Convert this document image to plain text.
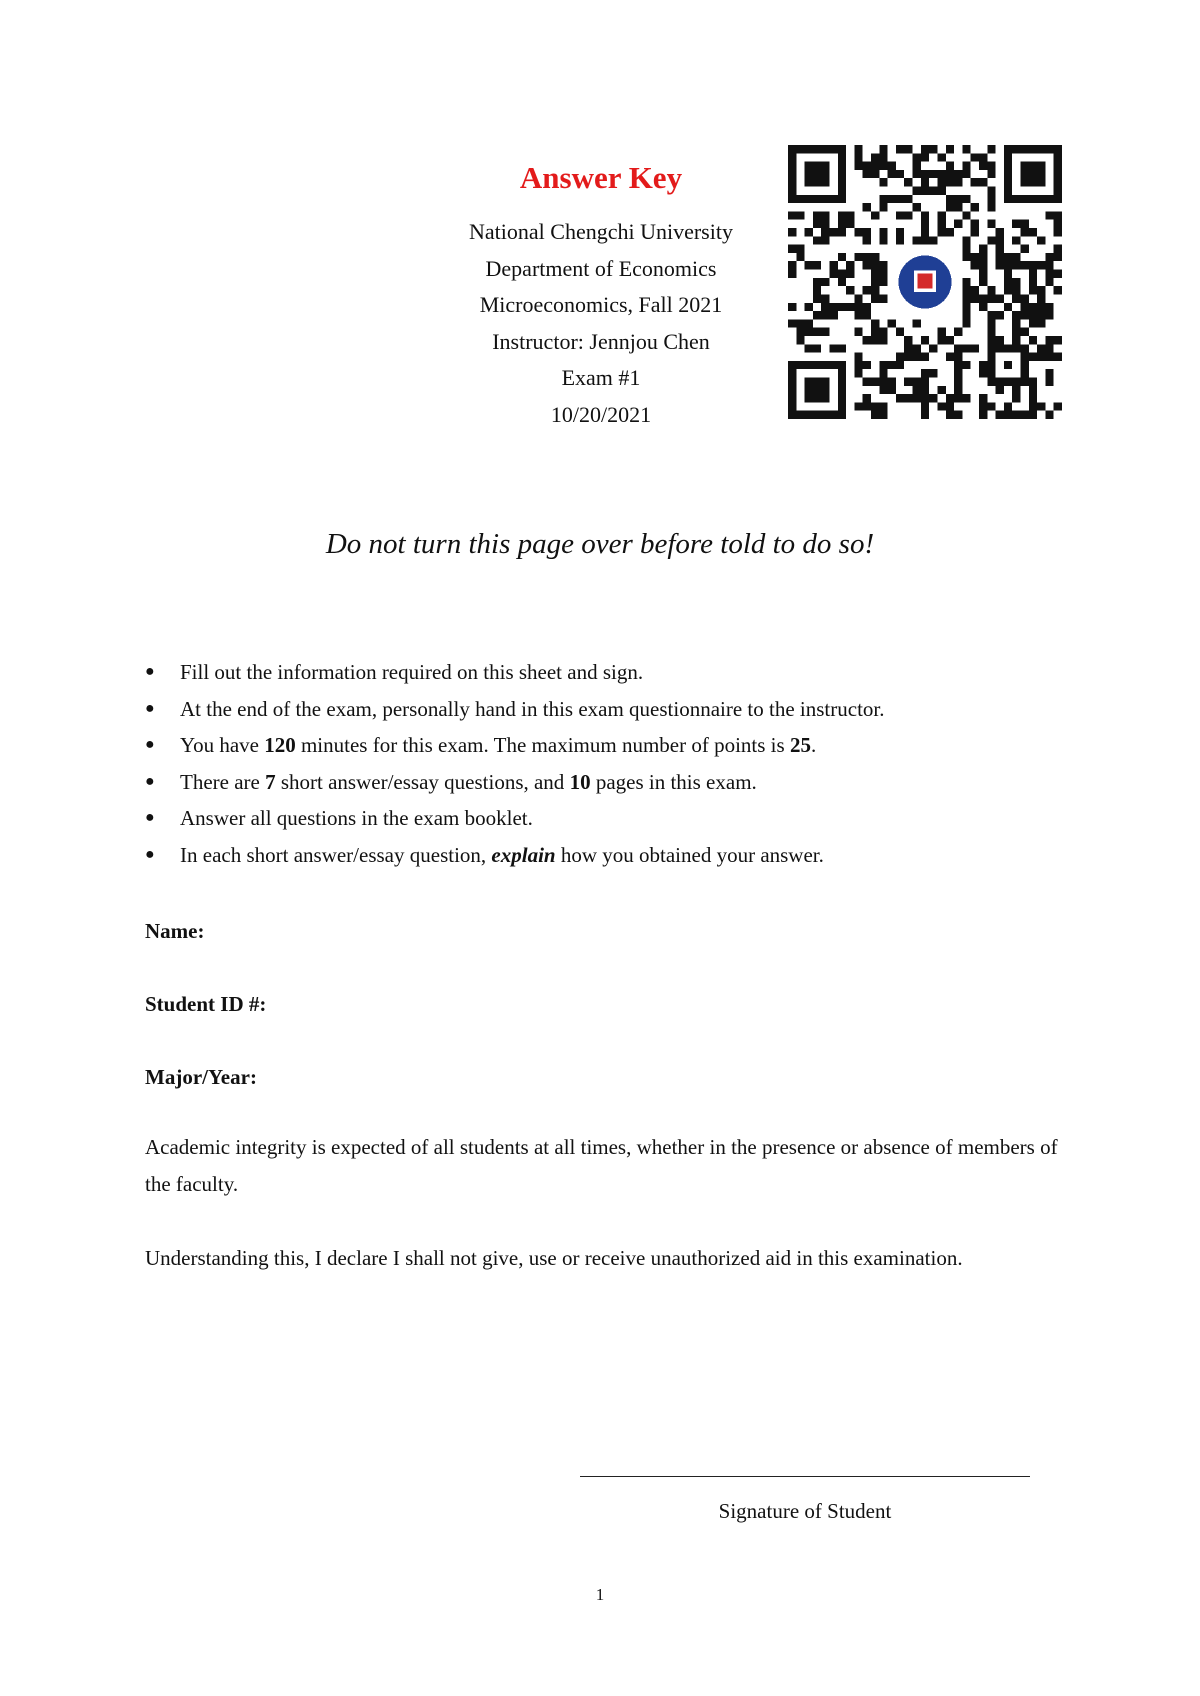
Answer Key
National Chengchi University
Department of Economics
Microeconomics, Fall 2021
Instructor: Jennjou Chen
Exam #1
10/20/2021
Do not turn this page over before told to do so!
● Fill out the information required on this sheet and sign.
● At the end of the exam, personally hand in this exam questionnaire to the instructor.
● You have 120 minutes for this exam. The maximum number of points is 25.
● There are 7 short answer/essay questions, and 10 pages in this exam.
● Answer all questions in the exam booklet.
● In each short answer/essay question, explain how you obtained your answer.
Name:
Student ID #:
Major/Year:
Academic integrity is expected of all students at all times, whether in the presence or absence of members of the faculty.
Understanding this, I declare I shall not give, use or receive unauthorized aid in this examination.
Signature of Student
1
